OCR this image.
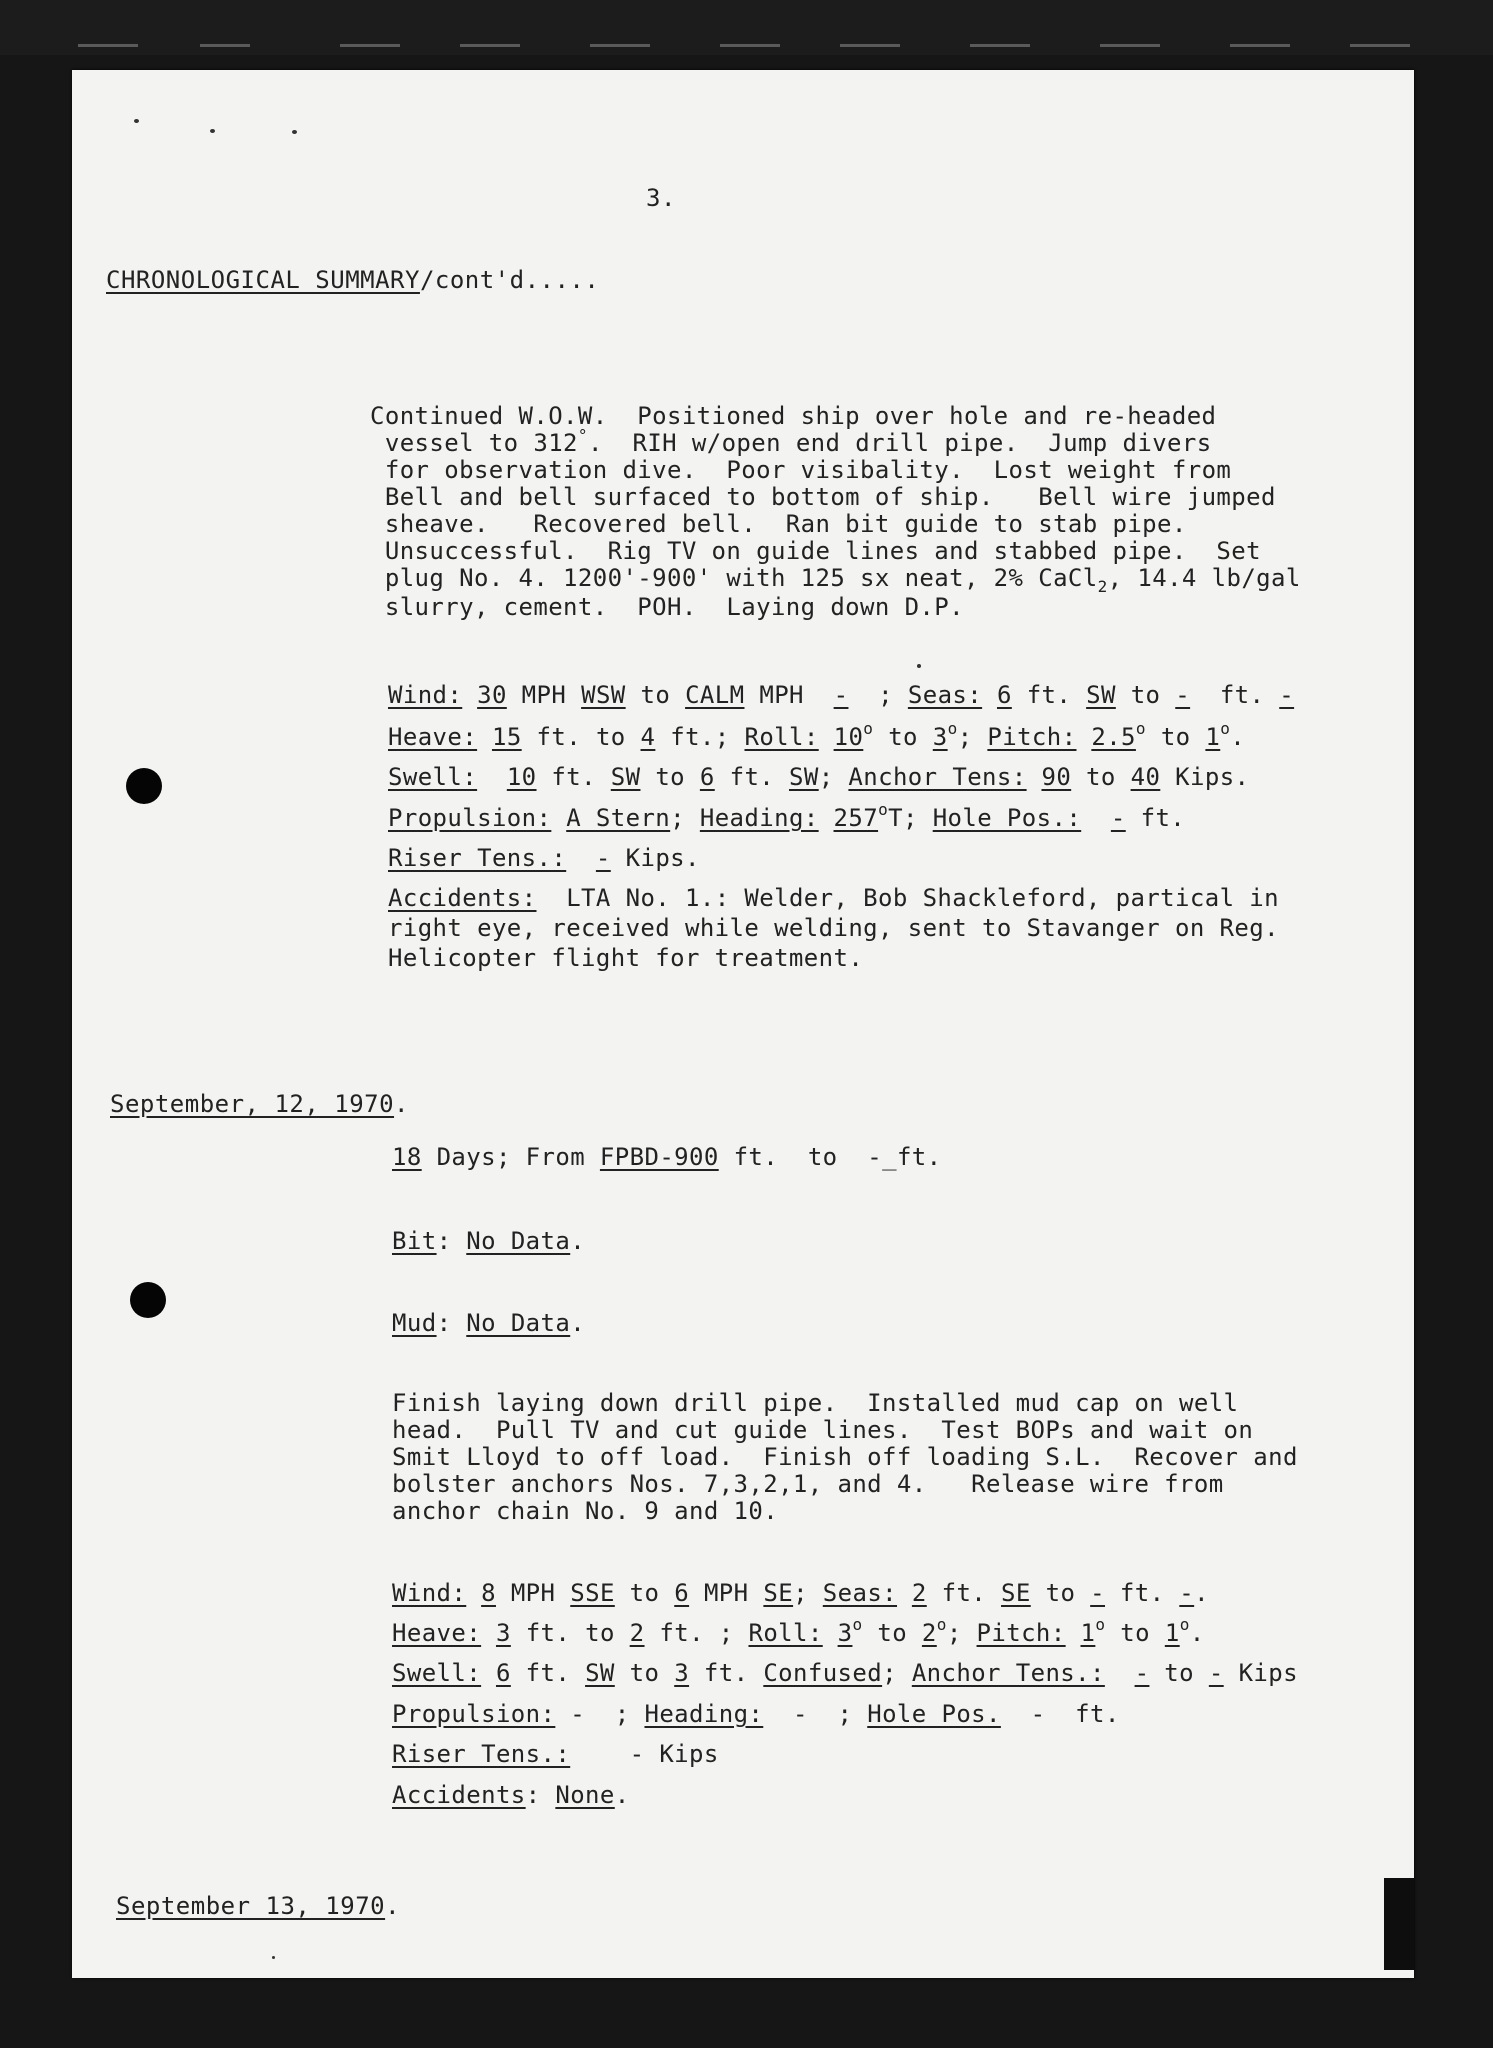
3.
CHRONOLOGICAL SUMMARY/cont'd.....
Continued W.O.W.  Positioned ship over hole and re-headed
vessel to 312°.  RIH w/open end drill pipe.  Jump divers
for observation dive.  Poor visibality.  Lost weight from
Bell and bell surfaced to bottom of ship.   Bell wire jumped
sheave.   Recovered bell.  Ran bit guide to stab pipe.
Unsuccessful.  Rig TV on guide lines and stabbed pipe.  Set
plug No. 4. 1200'-900' with 125 sx neat, 2% CaCl$_2$, 14.4 lb/gal
slurry, cement.  POH.  Laying down D.P.
Wind: 30 MPH WSW to CALM MPH -  ; Seas: 6 ft. SW to - ft. -
Heave: 15 ft. to 4 ft.; Roll: 10$^o$ to 3$^o$; Pitch: 2.5$^o$ to 1$^o$.
Swell: 10 ft. SW to 6 ft. SW; Anchor Tens: 90 to 40 Kips.
Propulsion: A Stern; Heading: 257$^o$T; Hole Pos.: - ft.
Riser Tens.: - Kips.
Accidents: LTA No. 1.: Welder, Bob Shackleford, partical in
right eye, received while welding, sent to Stavanger on Reg.
Helicopter flight for treatment.
September, 12, 1970.
18 Days; From FPBD-900 ft.  to -_ft.
Bit: No Data.
Mud: No Data.
Finish laying down drill pipe.  Installed mud cap on well
head.  Pull TV and cut guide lines.  Test BOPs and wait on
Smit Lloyd to off load.  Finish off loading S.L.  Recover and
bolster anchors Nos. 7,3,2,1, and 4.   Release wire from
anchor chain No. 9 and 10.
Wind: 8 MPH SSE to 6 MPH SE; Seas: 2 ft. SE to - ft. -.
Heave: 3 ft. to 2 ft. ; Roll: 3$^o$ to 2$^o$; Pitch: 1$^o$ to 1$^o$.
Swell: 6 ft. SW to 3 ft. Confused; Anchor Tens.: - to - Kips
Propulsion: -  ; Heading: -  ; Hole Pos. - ft.
Riser Tens.: - Kips
Accidents: None.
September 13, 1970.
